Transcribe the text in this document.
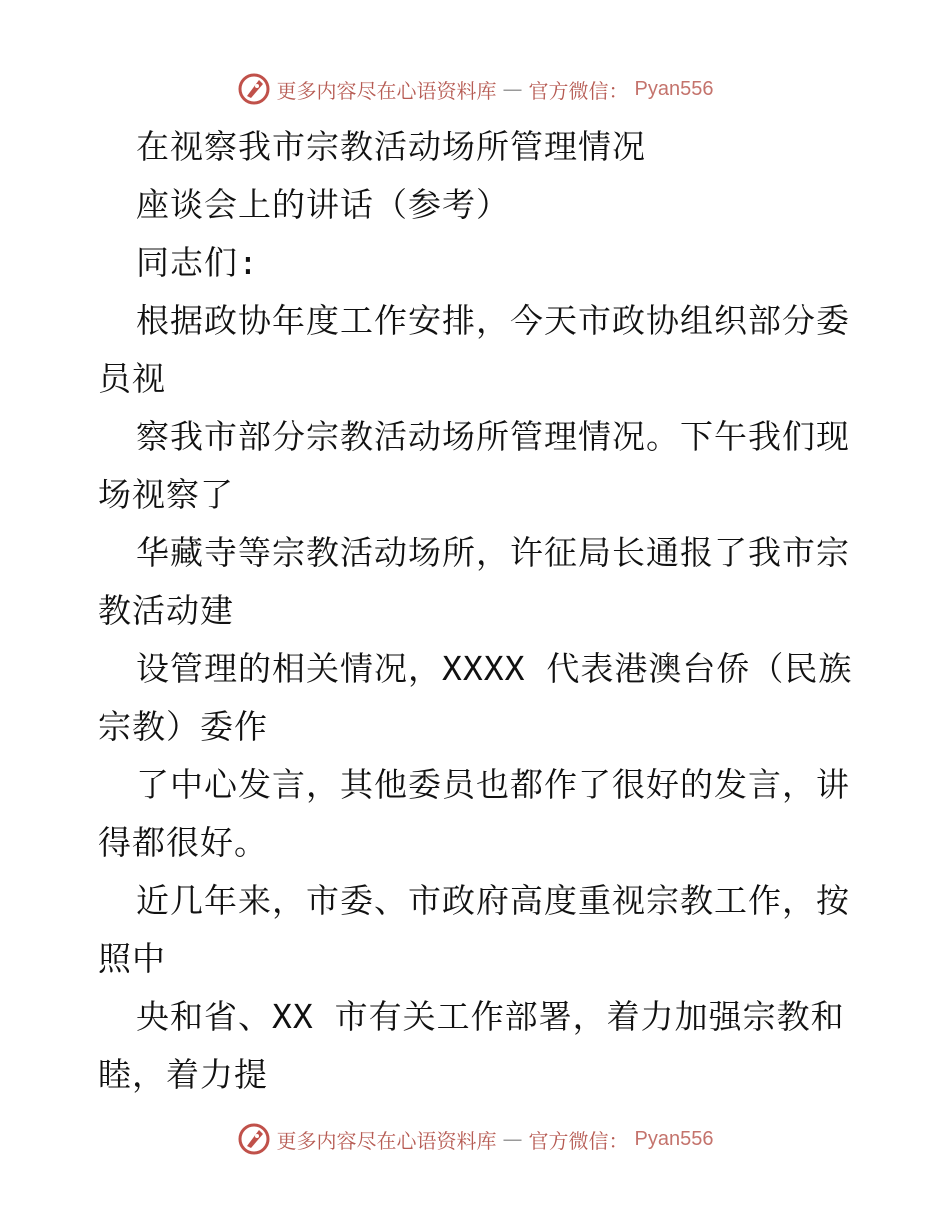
更多内容尽在心语资料库 — 官方微信： Pyan556
在视察我市宗教活动场所管理情况
座谈会上的讲话（参考）
同志们:
根据政协年度工作安排，今天市政协组织部分委
员视
察我市部分宗教活动场所管理情况。下午我们现
场视察了
华藏寺等宗教活动场所，许征局长通报了我市宗
教活动建
设管理的相关情况，XXXX 代表港澳台侨（民族
宗教）委作
了中心发言，其他委员也都作了很好的发言，讲
得都很好。
近几年来，市委、市政府高度重视宗教工作，按
照中
央和省、XX 市有关工作部署，着力加强宗教和
睦，着力提
更多内容尽在心语资料库 — 官方微信： Pyan556
